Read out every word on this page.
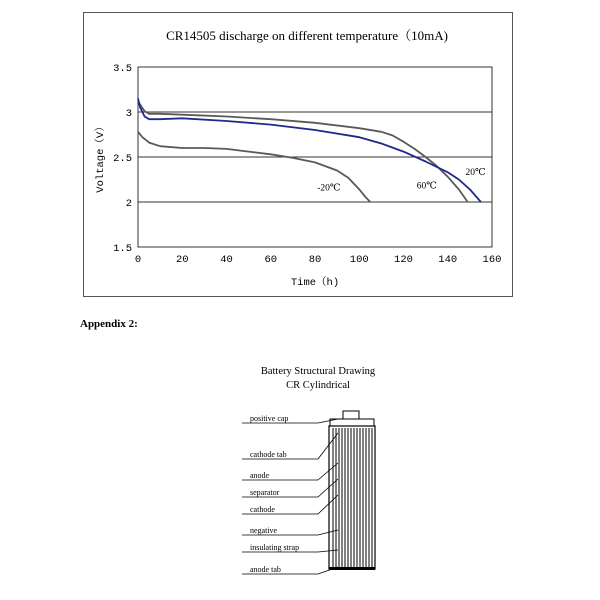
CR14505 discharge on different temperature（10mA)
3.5
3
2.5
2
1.5
0	20	40	60	80	100 120 140 160
Time（h)
Voltage（V）	-20℃	60℃
20℃
Appendix 2:
Battery Structural Drawing
CR Cylindrical
positive cap
cathode tab
anode
separator
cathode
negative
insulating strap
anode tab
